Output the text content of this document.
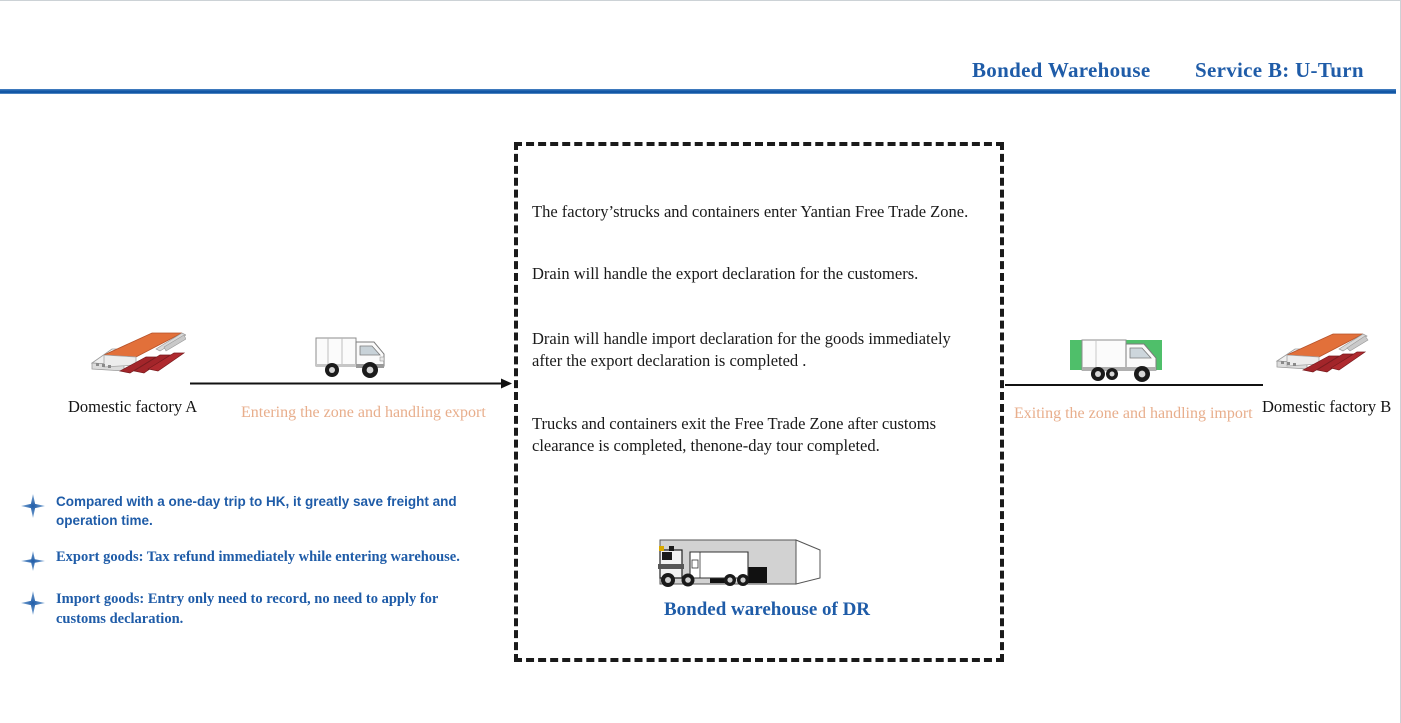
Bonded Warehouse Service B: U-Turn
The factory’strucks and containers enter Yantian Free Trade Zone.
Drain will handle the export declaration for the customers.
Drain will handle import declaration for the goods immediately after the export declaration is completed .
Trucks and containers exit the Free Trade Zone after customs clearance is completed, thenone-day tour completed.
Bonded warehouse of DR
Domestic factory A	Entering the zone and handling export	Exiting the zone and handling import Domestic factory B
Compared with a one-day trip to HK, it greatly save freight and operation time.
Export goods: Tax refund immediately while entering warehouse.
Import goods: Entry only need to record, no need to apply for customs declaration.
